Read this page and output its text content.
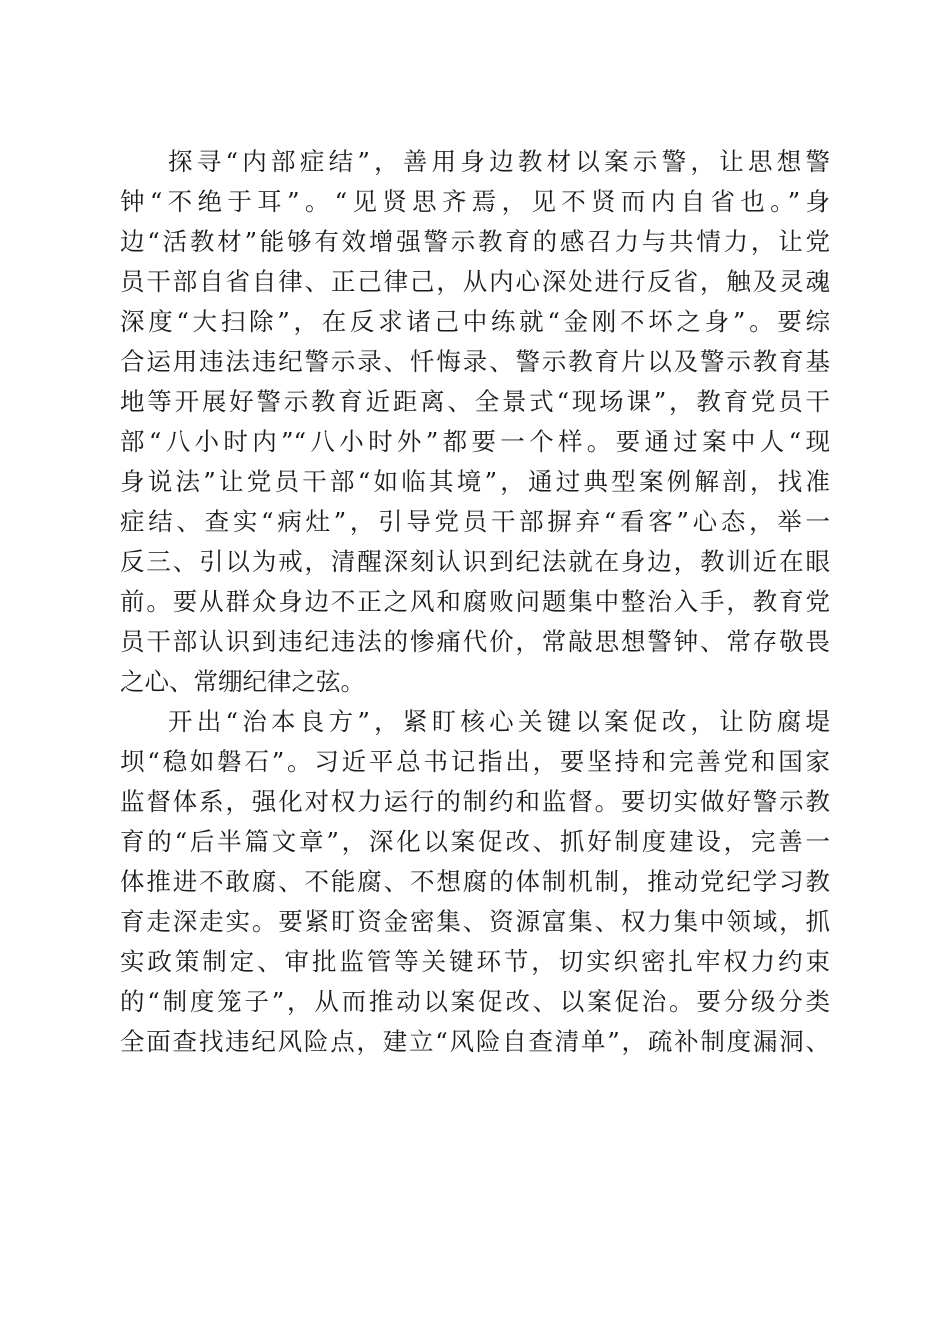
探寻“内部症结”，善用身边教材以案示警，让思想警
钟“不绝于耳”。“见贤思齐焉，见不贤而内自省也。”身
边“活教材”能够有效增强警示教育的感召力与共情力，让党
员干部自省自律、正己律己，从内心深处进行反省，触及灵魂
深度“大扫除”，在反求诸己中练就“金刚不坏之身”。要综
合运用违法违纪警示录、忏悔录、警示教育片以及警示教育基
地等开展好警示教育近距离、全景式“现场课”，教育党员干
部“八小时内”“八小时外”都要一个样。要通过案中人“现
身说法”让党员干部“如临其境”，通过典型案例解剖，找准
症结、查实“病灶”，引导党员干部摒弃“看客”心态，举一
反三、引以为戒，清醒深刻认识到纪法就在身边，教训近在眼
前。要从群众身边不正之风和腐败问题集中整治入手，教育党
员干部认识到违纪违法的惨痛代价，常敲思想警钟、常存敬畏
之心、常绷纪律之弦。
开出“治本良方”，紧盯核心关键以案促改，让防腐堤
坝“稳如磐石”。习近平总书记指出，要坚持和完善党和国家
监督体系，强化对权力运行的制约和监督。要切实做好警示教
育的“后半篇文章”，深化以案促改、抓好制度建设，完善一
体推进不敢腐、不能腐、不想腐的体制机制，推动党纪学习教
育走深走实。要紧盯资金密集、资源富集、权力集中领域，抓
实政策制定、审批监管等关键环节，切实织密扎牢权力约束
的“制度笼子”，从而推动以案促改、以案促治。要分级分类
全面查找违纪风险点，建立“风险自查清单”，疏补制度漏洞、
